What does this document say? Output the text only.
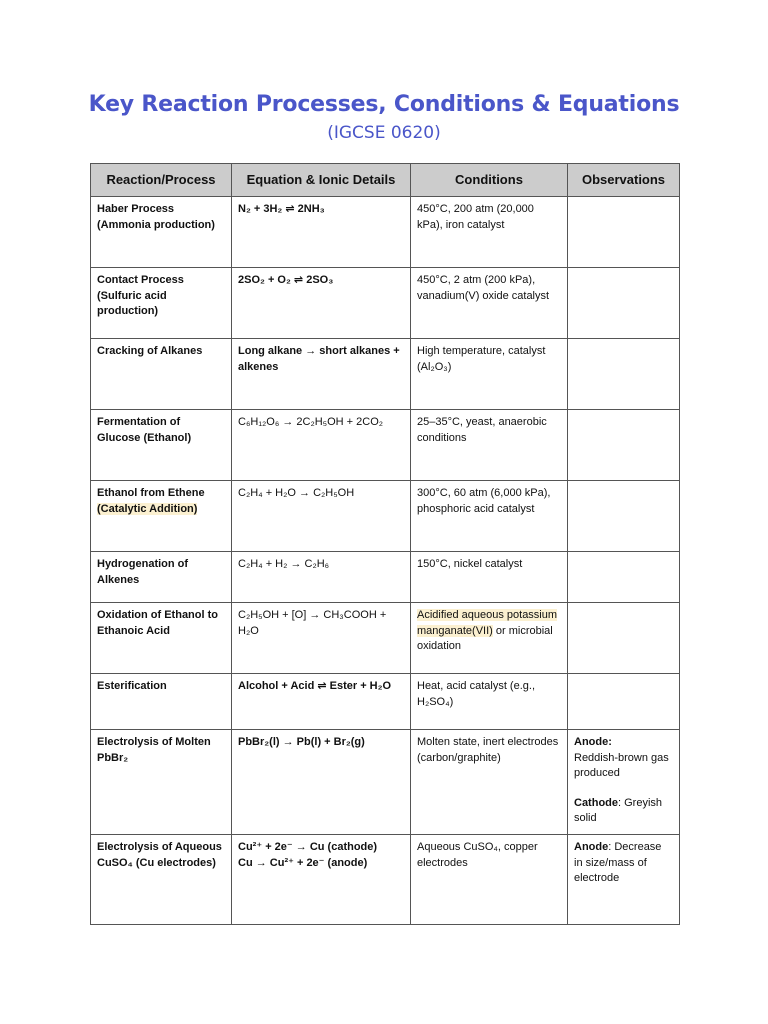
Key Reaction Processes, Conditions & Equations
(IGCSE 0620)
Reaction/Process	Equation & Ionic Details	Conditions	Observations
Haber Process (Ammonia production)	N₂ + 3H₂ ⇌ 2NH₃	450°C, 200 atm (20,000 kPa), iron catalyst	
Contact Process (Sulfuric acid production)	2SO₂ + O₂ ⇌ 2SO₃	450°C, 2 atm (200 kPa), vanadium(V) oxide catalyst	
Cracking of Alkanes	Long alkane → short alkanes + alkenes	High temperature, catalyst (Al₂O₃)	
Fermentation of Glucose (Ethanol)	C₆H₁₂O₆ → 2C₂H₅OH + 2CO₂	25–35°C, yeast, anaerobic conditions	
Ethanol from Ethene
(Catalytic Addition)	C₂H₄ + H₂O → C₂H₅OH	300°C, 60 atm (6,000 kPa), phosphoric acid catalyst	
Hydrogenation of Alkenes	C₂H₄ + H₂ → C₂H₆	150°C, nickel catalyst	
Oxidation of Ethanol to Ethanoic Acid	C₂H₅OH + [O] → CH₃COOH + H₂O	Acidified aqueous potassium manganate(VII) or microbial oxidation	
Esterification	Alcohol + Acid ⇌ Ester + H₂O	Heat, acid catalyst (e.g., H₂SO₄)	
Electrolysis of Molten PbBr₂	PbBr₂(l) → Pb(l) + Br₂(g)	Molten state, inert electrodes (carbon/graphite)	Anode:
Reddish-brown gas produced
Cathode: Greyish solid
Electrolysis of Aqueous CuSO₄ (Cu electrodes)	Cu²⁺ + 2e⁻ → Cu (cathode)
Cu → Cu²⁺ + 2e⁻ (anode)	Aqueous CuSO₄, copper electrodes	Anode: Decrease in size/mass of electrode
